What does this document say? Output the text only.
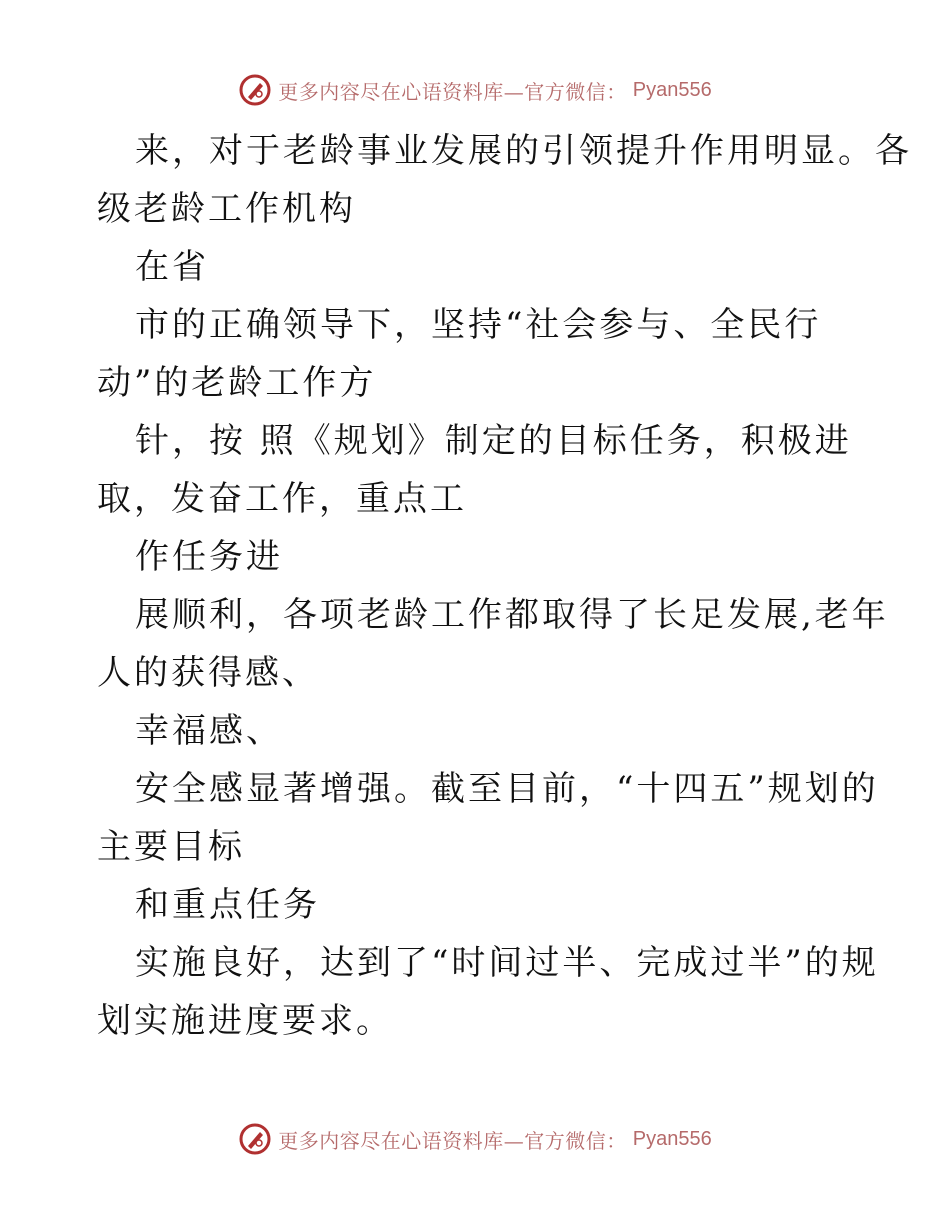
更多内容尽在心语资料库—官方微信： Pyan556
来，对于老龄事业发展的引领提升作用明显。各
级老龄工作机构
在省
市的正确领导下，坚持“社会参与、全民行
动”的老龄工作方
针，按 照《规划》制定的目标任务，积极进
取，发奋工作，重点工
作任务进
展顺利，各项老龄工作都取得了长足发展,老年
人的获得感、
幸福感、
安全感显著增强。截至目前，“十四五”规划的
主要目标
和重点任务
实施良好，达到了“时间过半、完成过半”的规
划实施进度要求。
更多内容尽在心语资料库—官方微信： Pyan556
